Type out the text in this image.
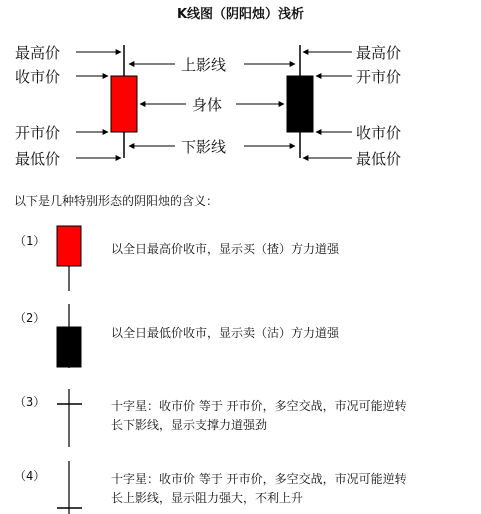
K线图（阴阳烛）浅析
最高价
收市价
开市价
最低价
最高价
开市价
收市价
最低价
上影线
身体
下影线
以下是几种特别形态的阴阳烛的含义：
（1）
以全日最高价收市，显示买（揸）方力道强
（2）
以全日最低价收市，显示卖（沽）方力道强
（3）	十字星：收市价 等于 开市价，多空交战，市况可能逆转
长下影线，显示支撑力道强劲
（4）	十字星：收市价 等于 开市价，多空交战，市况可能逆转
长上影线，显示阻力强大，不利上升
